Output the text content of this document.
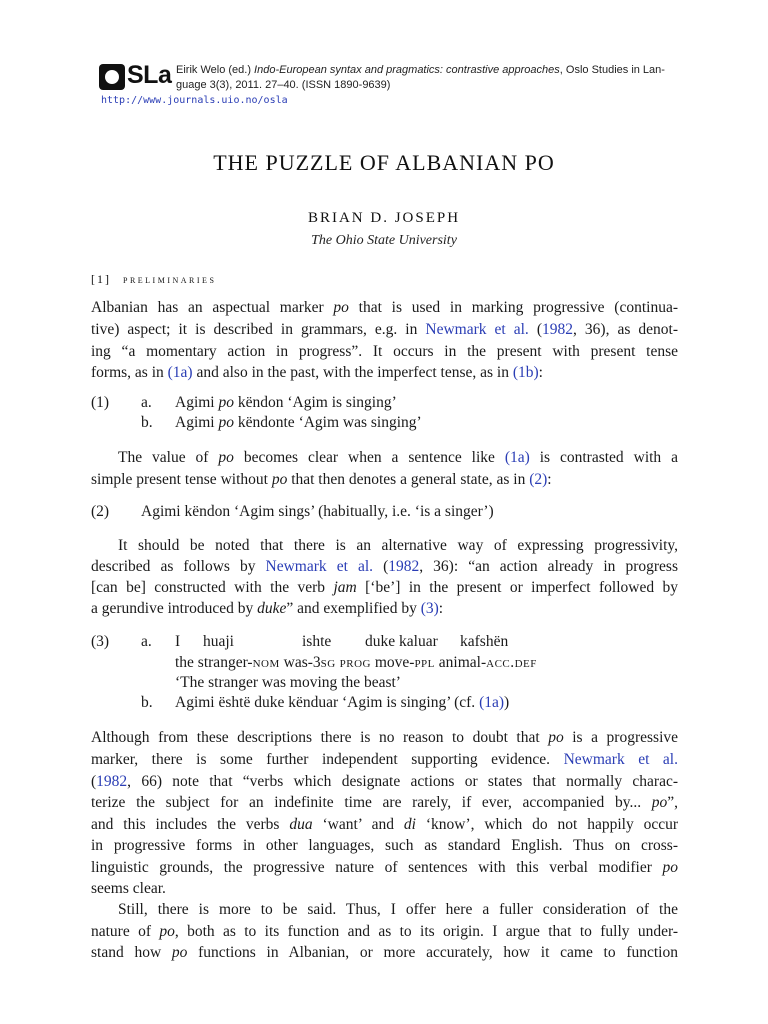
SLa Eirik Welo (ed.) Indo-European syntax and pragmatics: contrastive approaches, Oslo Studies in Lan-
guage 3(3), 2011. 27–40. (ISSN 1890-9639)
http://www.journals.uio.no/osla
THE PUZZLE OF ALBANIAN PO
BRIAN D. JOSEPH
The Ohio State University
[1] preliminaries
Albanian has an aspectual marker po that is used in marking progressive (continua-
tive) aspect; it is described in grammars, e.g. in Newmark et al. (1982, 36), as denot-
ing “a momentary action in progress”. It occurs in the present with present tense
forms, as in (1a) and also in the past, with the imperfect tense, as in (1b):
(1) a. Agimi po këndon ‘Agim is singing’
b. Agimi po këndonte ‘Agim was singing’
The value of po becomes clear when a sentence like (1a) is contrasted with a
simple present tense without po that then denotes a general state, as in (2):
(2) Agimi këndon ‘Agim sings’ (habitually, i.e. ‘is a singer’)
It should be noted that there is an alternative way of expressing progressivity,
described as follows by Newmark et al. (1982, 36): “an action already in progress
[can be] constructed with the verb jam [‘be’] in the present or imperfect followed by
a gerundive introduced by duke” and exemplified by (3):
(3) a. I huaji	ishte duke kaluar kafshën
the stranger-nom was-3sg prog move-ppl animal-acc.def
‘The stranger was moving the beast’
b. Agimi është duke kënduar ‘Agim is singing’ (cf. (1a))
Although from these descriptions there is no reason to doubt that po is a progressive
marker, there is some further independent supporting evidence. Newmark et al.
(1982, 66) note that “verbs which designate actions or states that normally charac-
terize the subject for an indefinite time are rarely, if ever, accompanied by... po”,
and this includes the verbs dua ‘want’ and di ‘know’, which do not happily occur
in progressive forms in other languages, such as standard English. Thus on cross-
linguistic grounds, the progressive nature of sentences with this verbal modifier po
seems clear.
Still, there is more to be said. Thus, I offer here a fuller consideration of the
nature of po, both as to its function and as to its origin. I argue that to fully under-
stand how po functions in Albanian, or more accurately, how it came to function
